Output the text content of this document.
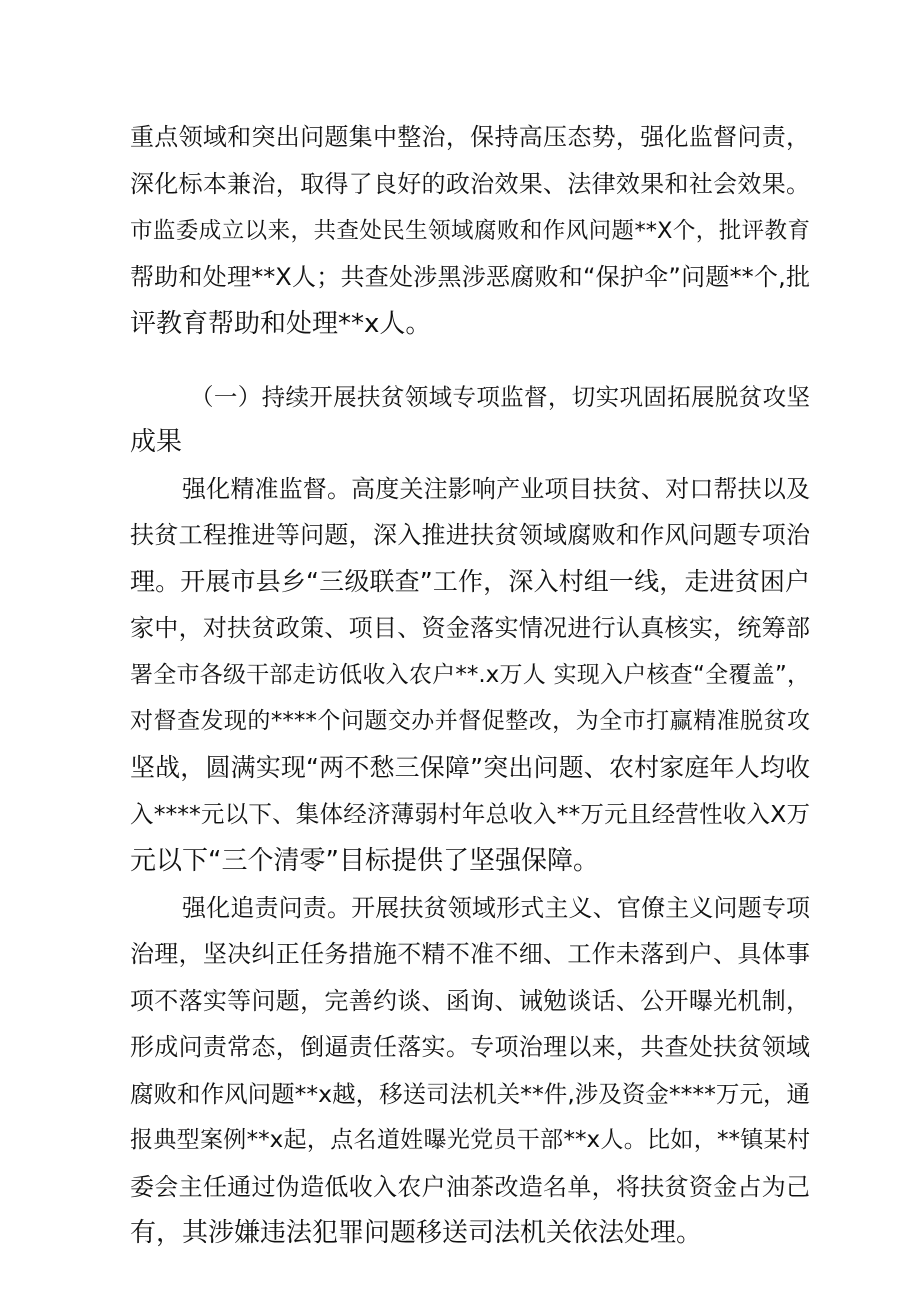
重点领域和突出问题集中整治，保持高压态势，强化监督问责，
深化标本兼治，取得了良好的政治效果、法律效果和社会效果。
市监委成立以来，共查处民生领域腐败和作风问题**X个，批评教育
帮助和处理**X人；共查处涉黑涉恶腐败和“保护伞”问题**个,批
评教育帮助和处理**x人。
（一）持续开展扶贫领域专项监督，切实巩固拓展脱贫攻坚
成果
强化精准监督。高度关注影响产业项目扶贫、对口帮扶以及
扶贫工程推进等问题，深入推进扶贫领域腐败和作风问题专项治
理。开展市县乡“三级联查”工作，深入村组一线，走进贫困户
家中，对扶贫政策、项目、资金落实情况进行认真核实，统筹部
署全市各级干部走访低收入农户**.x万人 实现入户核查“全覆盖”，
对督查发现的****个问题交办并督促整改，为全市打赢精准脱贫攻
坚战，圆满实现“两不愁三保障”突出问题、农村家庭年人均收
入****元以下、集体经济薄弱村年总收入**万元且经营性收入X万
元以下“三个清零”目标提供了坚强保障。
强化追责问责。开展扶贫领域形式主义、官僚主义问题专项
治理，坚决纠正任务措施不精不准不细、工作未落到户、具体事
项不落实等问题，完善约谈、函询、诫勉谈话、公开曝光机制，
形成问责常态，倒逼责任落实。专项治理以来，共查处扶贫领域
腐败和作风问题**x越，移送司法机关**件,涉及资金****万元，通
报典型案例**x起，点名道姓曝光党员干部**x人。比如，**镇某村
委会主任通过伪造低收入农户油茶改造名单，将扶贫资金占为己
有，其涉嫌违法犯罪问题移送司法机关依法处理。
